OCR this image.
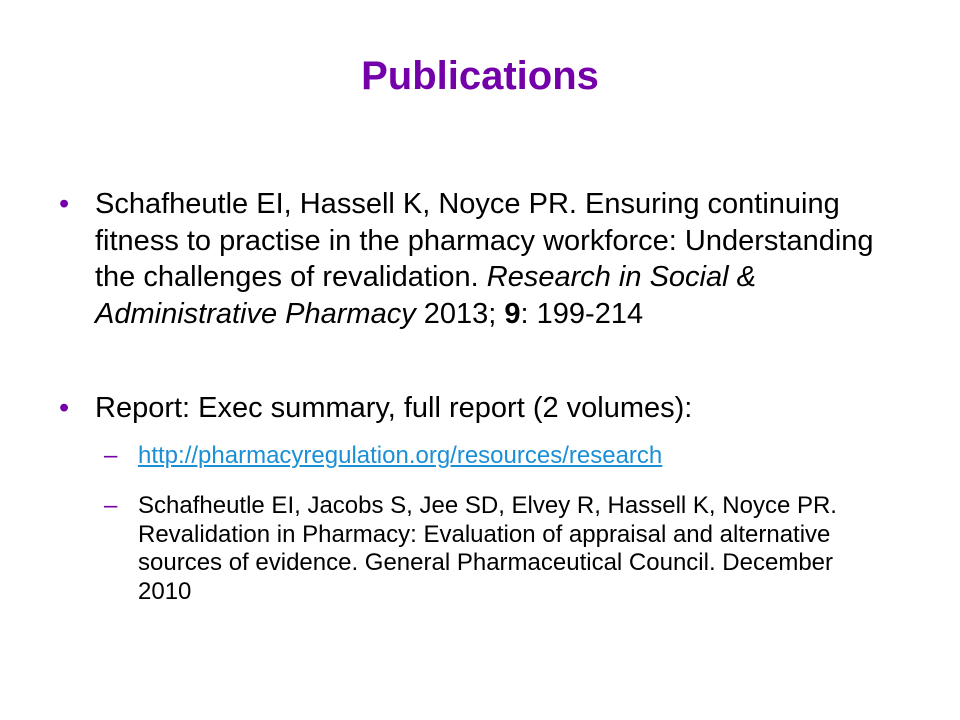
Publications
• Schafheutle EI, Hassell K, Noyce PR. Ensuring continuing fitness to practise in the pharmacy workforce: Understanding the challenges of revalidation. Research in Social & Administrative Pharmacy 2013; 9: 199-214
• Report: Exec summary, full report (2 volumes):
– http://pharmacyregulation.org/resources/research
– Schafheutle EI, Jacobs S, Jee SD, Elvey R, Hassell K, Noyce PR. Revalidation in Pharmacy: Evaluation of appraisal and alternative sources of evidence. General Pharmaceutical Council. December 2010
